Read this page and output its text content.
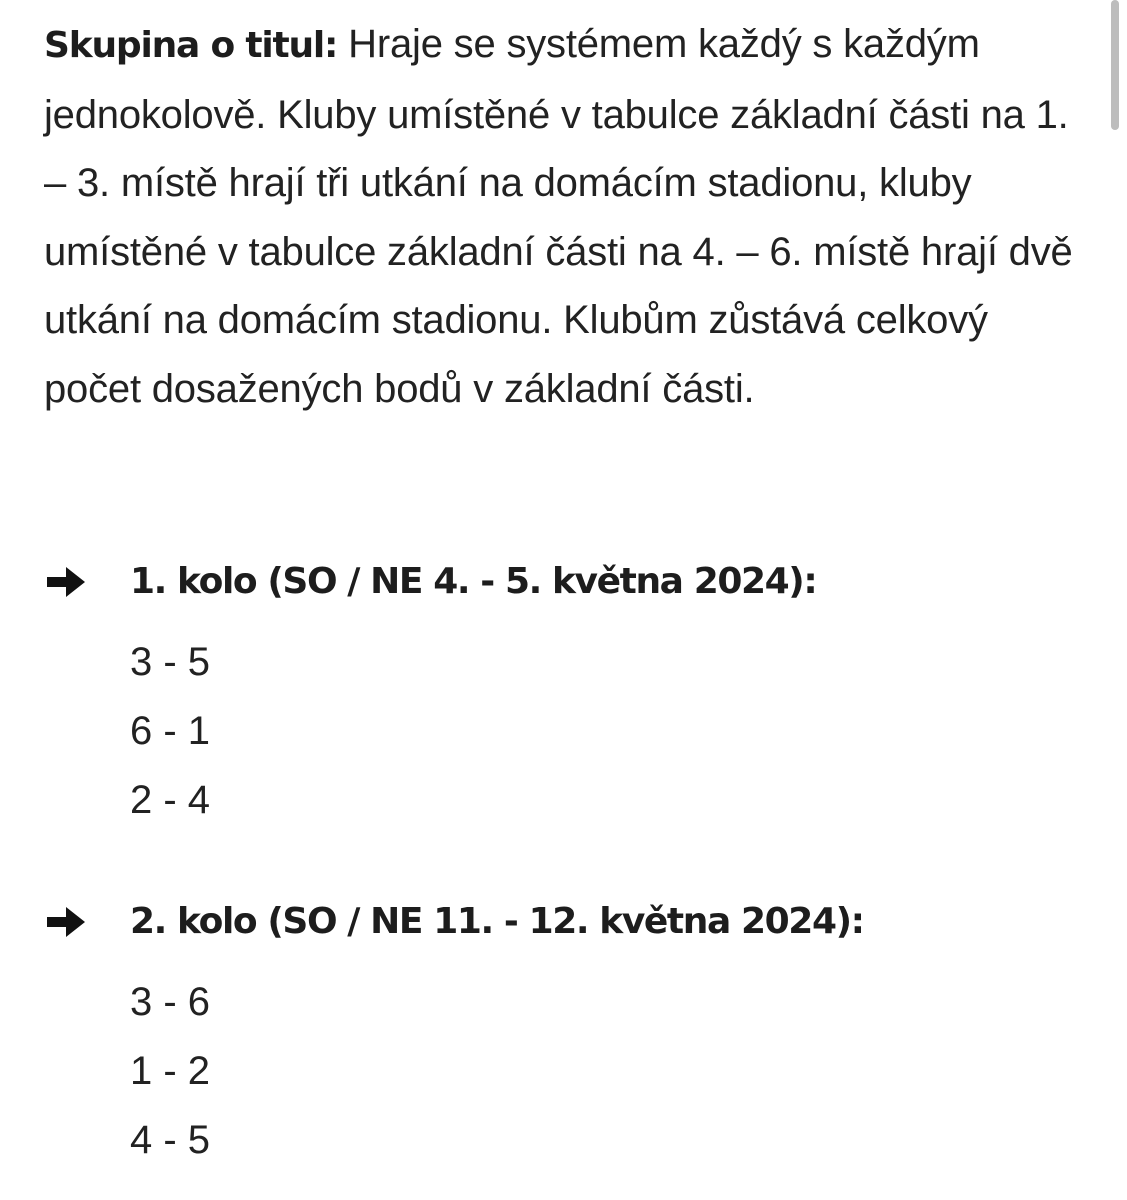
Skupina o titul: Hraje se systémem každý s každým jednokolově. Kluby umístěné v tabulce základní části na 1. – 3. místě hrají tři utkání na domácím stadionu, kluby umístěné v tabulce základní části na 4. – 6. místě hrají dvě utkání na domácím stadionu. Klubům zůstává celkový počet dosažených bodů v základní části.

1. kolo (SO / NE 4. - 5. května 2024):
3 - 5
6 - 1
2 - 4
2. kolo (SO / NE 11. - 12. května 2024):
3 - 6
1 - 2
4 - 5
